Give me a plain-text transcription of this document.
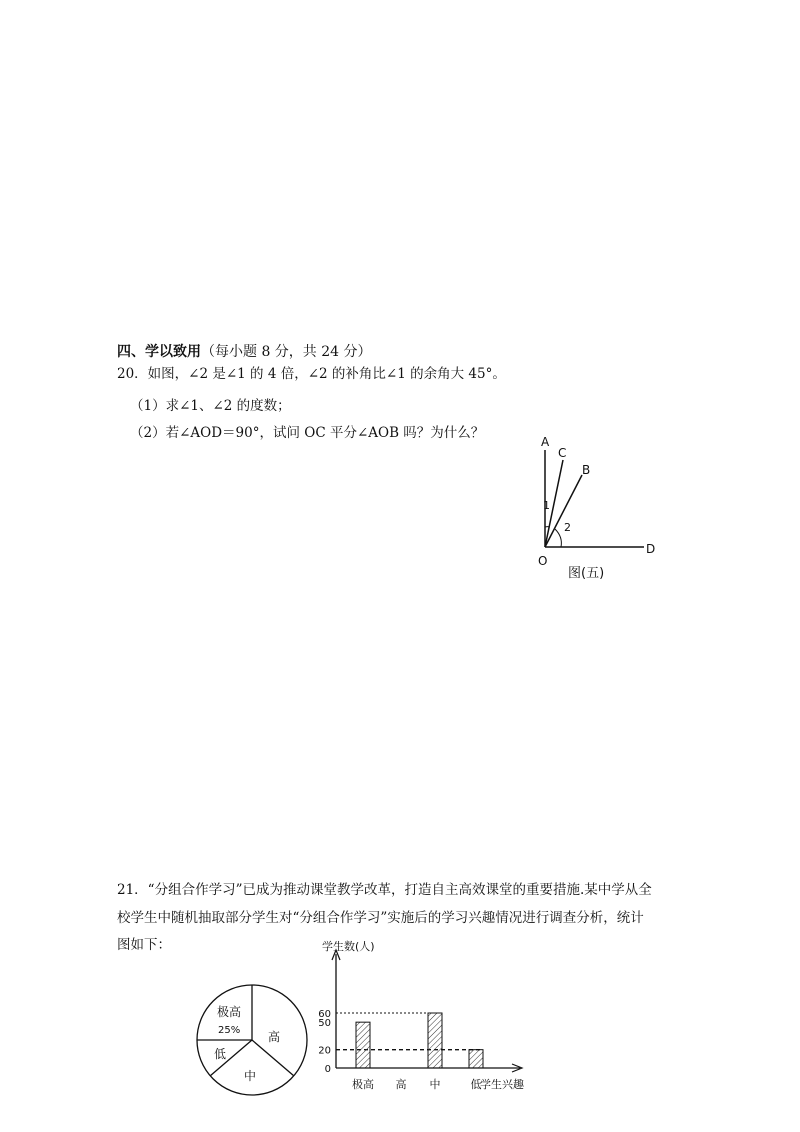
四、学以致用（每小题 8 分，共 24 分）
20．如图，∠2 是∠1 的 4 倍，∠2 的补角比∠1 的余角大 45°。
（1）求∠1、∠2 的度数；
（2）若∠AOD＝90°，试问 OC 平分∠AOB 吗？为什么？
A
C
B
D
O
1
2
图(五)
21．“分组合作学习”已成为推动课堂教学改革，打造自主高效课堂的重要措施.某中学从全
校学生中随机抽取部分学生对“分组合作学习”实施后的学习兴趣情况进行调查分析，统计
图如下：
极高
25% 高
中
低
学生数(人)
学生兴趣
极高 高 中	低
0
20
50
60
